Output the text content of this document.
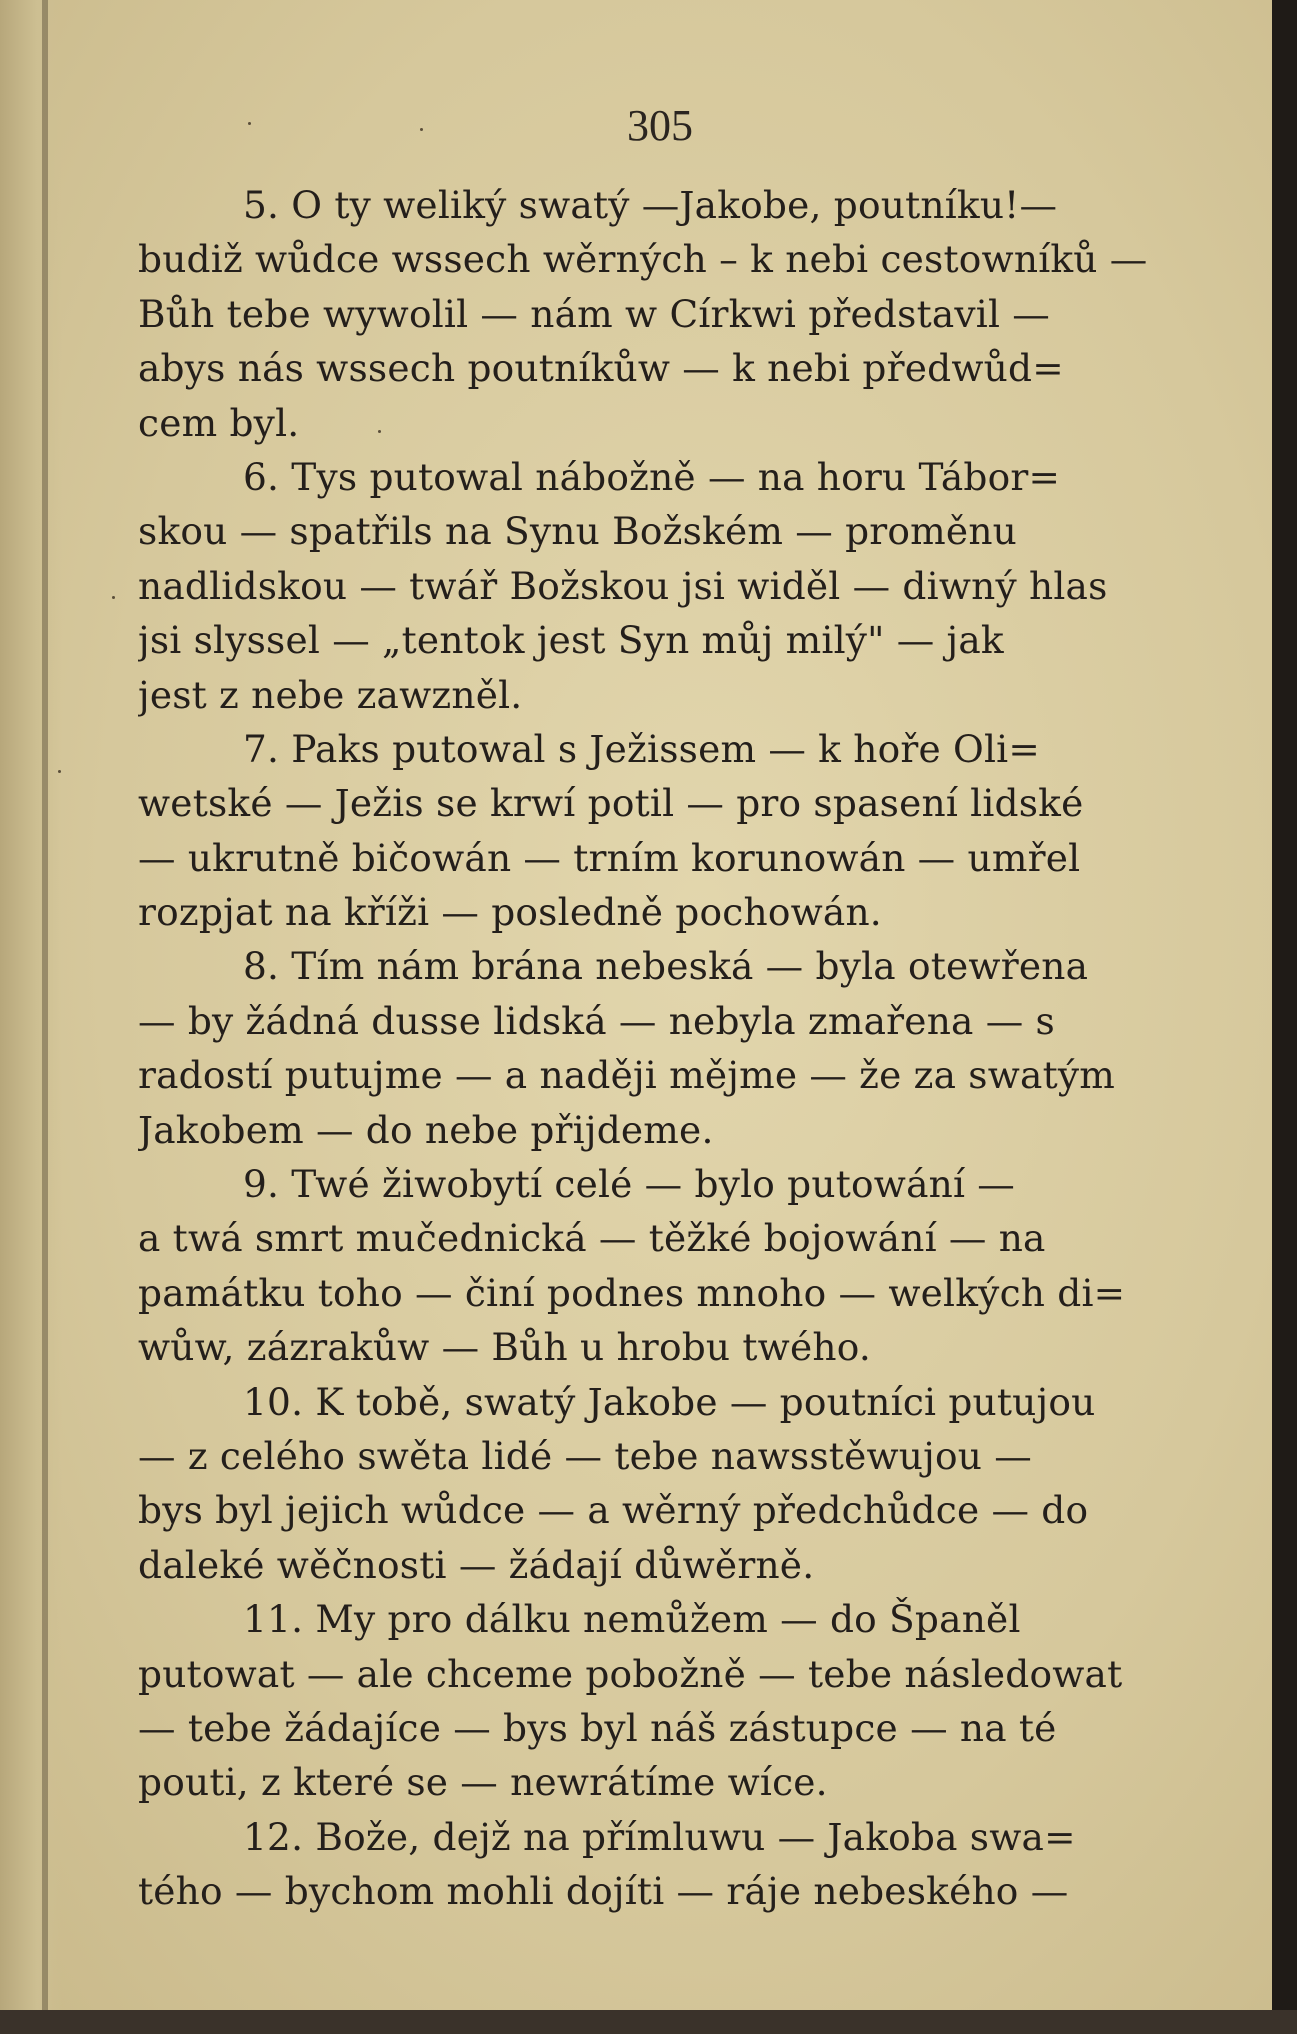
305
5. O ty weliký swatý —Jakobe, poutníku!—
budiž wůdce wssech wěrných – k nebi cestowníků —
Bůh tebe wywolil — nám w Církwi představil —
abys nás wssech poutníkůw — k nebi předwůd=
cem byl.
6. Tys putowal nábožně — na horu Tábor=
skou — spatřils na Synu Božském — proměnu
nadlidskou — twář Božskou jsi widěl — diwný hlas
jsi slyssel — „tentok jest Syn můj milý" — jak
jest z nebe zawzněl.
7. Paks putowal s Ježissem — k hoře Oli=
wetské — Ježis se krwí potil — pro spasení lidské
— ukrutně bičowán — trním korunowán — umřel
rozpjat na kříži — posledně pochowán.
8. Tím nám brána nebeská — byla otewřena
— by žádná dusse lidská — nebyla zmařena — s
radostí putujme — a naději mějme — že za swatým
Jakobem — do nebe přijdeme.
9. Twé žiwobytí celé — bylo putowání —
a twá smrt mučednická — těžké bojowání — na
památku toho — činí podnes mnoho — welkých di=
wůw, zázrakůw — Bůh u hrobu twého.
10. K tobě, swatý Jakobe — poutníci putujou
— z celého swěta lidé — tebe nawsstěwujou —
bys byl jejich wůdce — a wěrný předchůdce — do
daleké wěčnosti — žádají důwěrně.
11. My pro dálku nemůžem — do Španěl
putowat — ale chceme pobožně — tebe následowat
— tebe žádajíce — bys byl náš zástupce — na té
pouti, z které se — newrátíme wíce.
12. Bože, dejž na přímluwu — Jakoba swa=
tého — bychom mohli dojíti — ráje nebeského —
